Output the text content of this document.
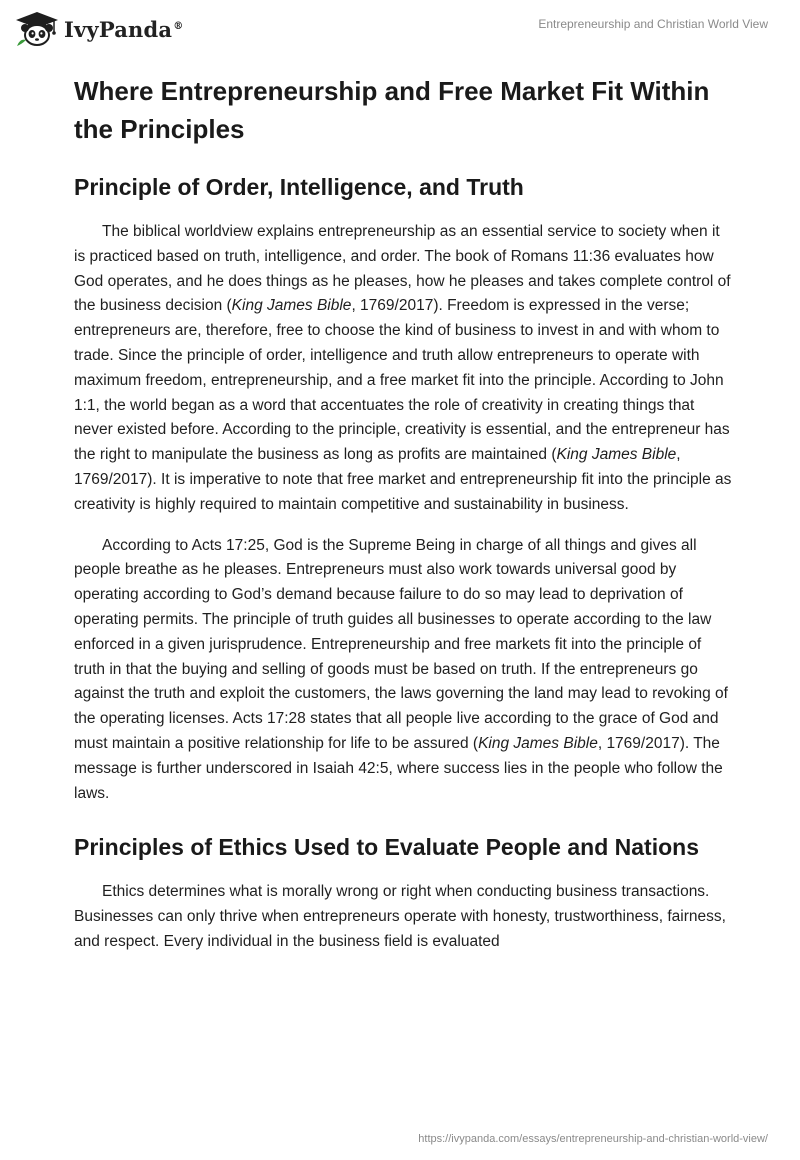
IvyPanda®	Entrepreneurship and Christian World View
Where Entrepreneurship and Free Market Fit Within the Principles
Principle of Order, Intelligence, and Truth

The biblical worldview explains entrepreneurship as an essential service to society when it is practiced based on truth, intelligence, and order. The book of Romans 11:36 evaluates how God operates, and he does things as he pleases, how he pleases and takes complete control of the business decision (King James Bible, 1769/2017). Freedom is expressed in the verse; entrepreneurs are, therefore, free to choose the kind of business to invest in and with whom to trade. Since the principle of order, intelligence and truth allow entrepreneurs to operate with maximum freedom, entrepreneurship, and a free market fit into the principle. According to John 1:1, the world began as a word that accentuates the role of creativity in creating things that never existed before. According to the principle, creativity is essential, and the entrepreneur has the right to manipulate the business as long as profits are maintained (King James Bible, 1769/2017). It is imperative to note that free market and entrepreneurship fit into the principle as creativity is highly required to maintain competitive and sustainability in business.

According to Acts 17:25, God is the Supreme Being in charge of all things and gives all people breathe as he pleases. Entrepreneurs must also work towards universal good by operating according to God’s demand because failure to do so may lead to deprivation of operating permits. The principle of truth guides all businesses to operate according to the law enforced in a given jurisprudence. Entrepreneurship and free markets fit into the principle of truth in that the buying and selling of goods must be based on truth. If the entrepreneurs go against the truth and exploit the customers, the laws governing the land may lead to revoking of the operating licenses. Acts 17:28 states that all people live according to the grace of God and must maintain a positive relationship for life to be assured (King James Bible, 1769/2017). The message is further underscored in Isaiah 42:5, where success lies in the people who follow the laws.

Principles of Ethics Used to Evaluate People and Nations

Ethics determines what is morally wrong or right when conducting business transactions. Businesses can only thrive when entrepreneurs operate with honesty, trustworthiness, fairness, and respect. Every individual in the business field is evaluated

https://ivypanda.com/essays/entrepreneurship-and-christian-world-view/
